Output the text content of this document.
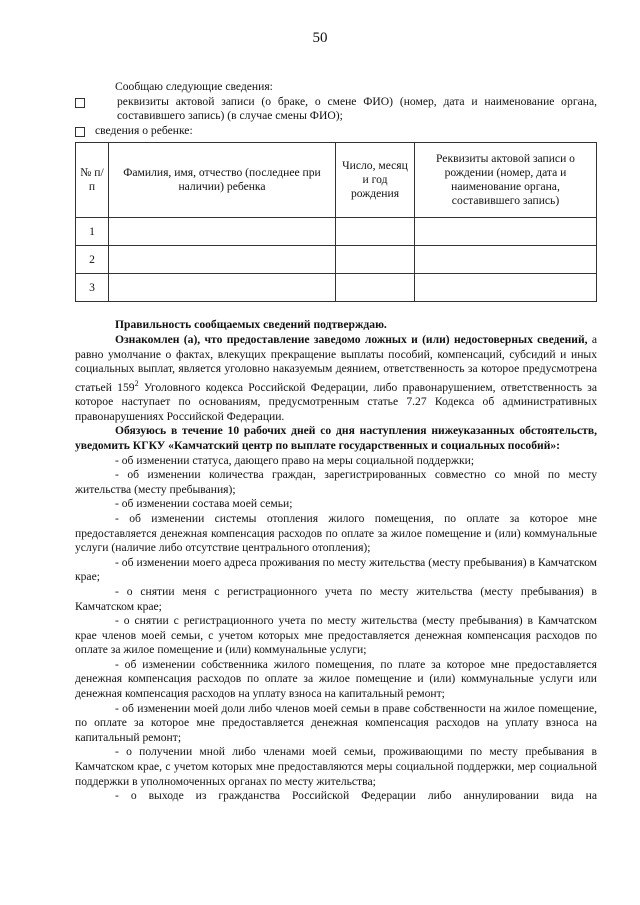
50

Сообщаю следующие сведения:

реквизиты актовой записи (о браке, о смене ФИО) (номер, дата и наименование органа, составившего запись) (в случае смены ФИО);
сведения о ребенке:
№ п/п	Фамилия, имя, отчество (последнее при наличии) ребенка	Число, месяц и год рождения	Реквизиты актовой записи о рождении (номер, дата и наименование органа, составившего запись)
1			
2			
3			

Правильность сообщаемых сведений подтверждаю.

Ознакомлен (а), что предоставление заведомо ложных и (или) недостоверных сведений, а равно умолчание о фактах, влекущих прекращение выплаты пособий, компенсаций, субсидий и иных социальных выплат, является уголовно наказуемым деянием, ответственность за которое предусмотрена статьей $159^2$ Уголовного кодекса Российской Федерации, либо правонарушением, ответственность за которое наступает по основаниям, предусмотренным статье 7.27 Кодекса об административных правонарушениях Российской Федерации.

Обязуюсь в течение 10 рабочих дней со дня наступления нижеуказанных обстоятельств, уведомить КГКУ «Камчатский центр по выплате государственных и социальных пособий»:

- об изменении статуса, дающего право на меры социальной поддержки;

- об изменении количества граждан, зарегистрированных совместно со мной по месту жительства (месту пребывания);

- об изменении состава моей семьи;

- об изменении системы отопления жилого помещения, по оплате за которое мне предоставляется денежная компенсация расходов по оплате за жилое помещение и (или) коммунальные услуги (наличие либо отсутствие центрального отопления);

- об изменении моего адреса проживания по месту жительства (месту пребывания) в Камчатском крае;

- о снятии меня с регистрационного учета по месту жительства (месту пребывания) в Камчатском крае;

- о снятии с регистрационного учета по месту жительства (месту пребывания) в Камчатском крае членов моей семьи, с учетом которых мне предоставляется денежная компенсация расходов по оплате за жилое помещение и (или) коммунальные услуги;

- об изменении собственника жилого помещения, по плате за которое мне предоставляется денежная компенсация расходов по оплате за жилое помещение и (или) коммунальные услуги или денежная компенсация расходов на уплату взноса на капитальный ремонт;

- об изменении моей доли либо членов моей семьи в праве собственности на жилое помещение, по оплате за которое мне предоставляется денежная компенсация расходов на уплату взноса на капитальный ремонт;

- о получении мной либо членами моей семьи, проживающими по месту пребывания в Камчатском крае, с учетом которых мне предоставляются меры социальной поддержки, мер социальной поддержки в уполномоченных органах по месту жительства;

- о выходе из гражданства Российской Федерации либо аннулировании вида на
